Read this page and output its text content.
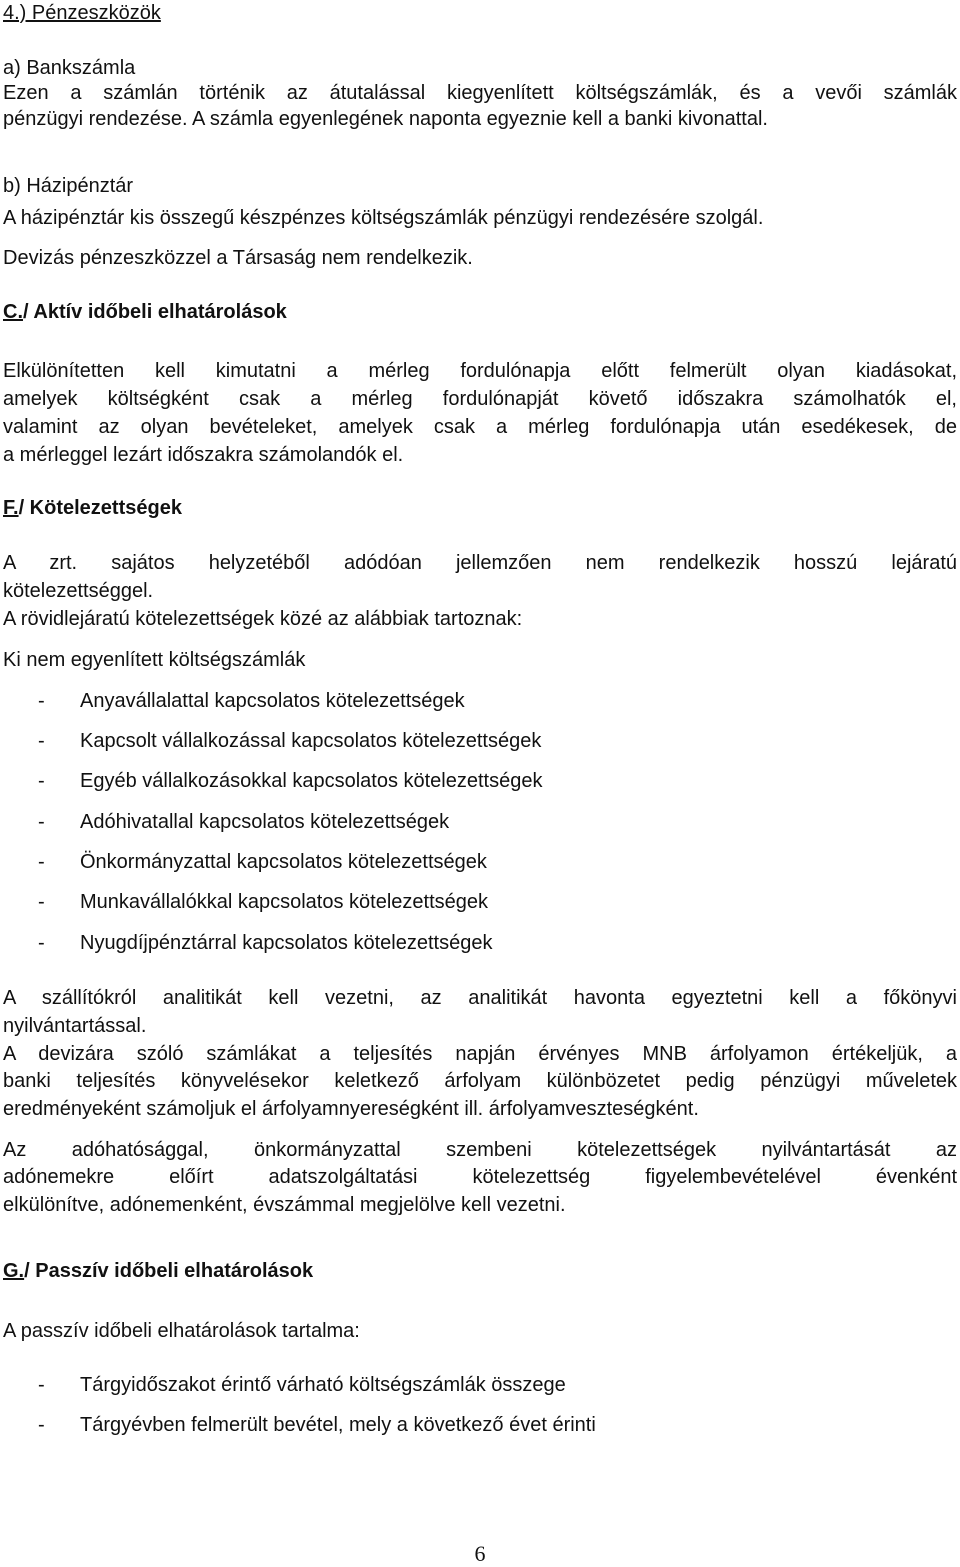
4.) Pénzeszközök
a) Bankszámla
Ezen a számlán történik az átutalással kiegyenlített költségszámlák, és a vevői számlák
pénzügyi rendezése. A számla egyenlegének naponta egyeznie kell a banki kivonattal.
b) Házipénztár
A házipénztár kis összegű készpénzes költségszámlák pénzügyi rendezésére szolgál.
Devizás pénzeszközzel a Társaság nem rendelkezik.
C./ Aktív időbeli elhatárolások
Elkülönítetten kell kimutatni a mérleg fordulónapja előtt felmerült olyan kiadásokat,
amelyek költségként csak a mérleg fordulónapját követő időszakra számolhatók el,
valamint az olyan bevételeket, amelyek csak a mérleg fordulónapja után esedékesek, de
a mérleggel lezárt időszakra számolandók el.
F./ Kötelezettségek
A zrt. sajátos helyzetéből adódóan jellemzően nem rendelkezik hosszú lejáratú
kötelezettséggel.
A rövidlejáratú kötelezettségek közé az alábbiak tartoznak:
Ki nem egyenlített költségszámlák
- Anyavállalattal kapcsolatos kötelezettségek
- Kapcsolt vállalkozással kapcsolatos kötelezettségek
- Egyéb vállalkozásokkal kapcsolatos kötelezettségek
- Adóhivatallal kapcsolatos kötelezettségek
- Önkormányzattal kapcsolatos kötelezettségek
- Munkavállalókkal kapcsolatos kötelezettségek
- Nyugdíjpénztárral kapcsolatos kötelezettségek
A szállítókról analitikát kell vezetni, az analitikát havonta egyeztetni kell a főkönyvi
nyilvántartással.
A devizára szóló számlákat a teljesítés napján érvényes MNB árfolyamon értékeljük, a
banki teljesítés könyvelésekor keletkező árfolyam különbözetet pedig pénzügyi műveletek
eredményeként számoljuk el árfolyamnyereségként ill. árfolyamveszteségként.
Az adóhatósággal, önkormányzattal szembeni kötelezettségek nyilvántartását az
adónemekre előírt adatszolgáltatási kötelezettség figyelembevételével évenként
elkülönítve, adónemenként, évszámmal megjelölve kell vezetni.
G./ Passzív időbeli elhatárolások
A passzív időbeli elhatárolások tartalma:
- Tárgyidőszakot érintő várható költségszámlák összege
- Tárgyévben felmerült bevétel, mely a következő évet érinti
6
